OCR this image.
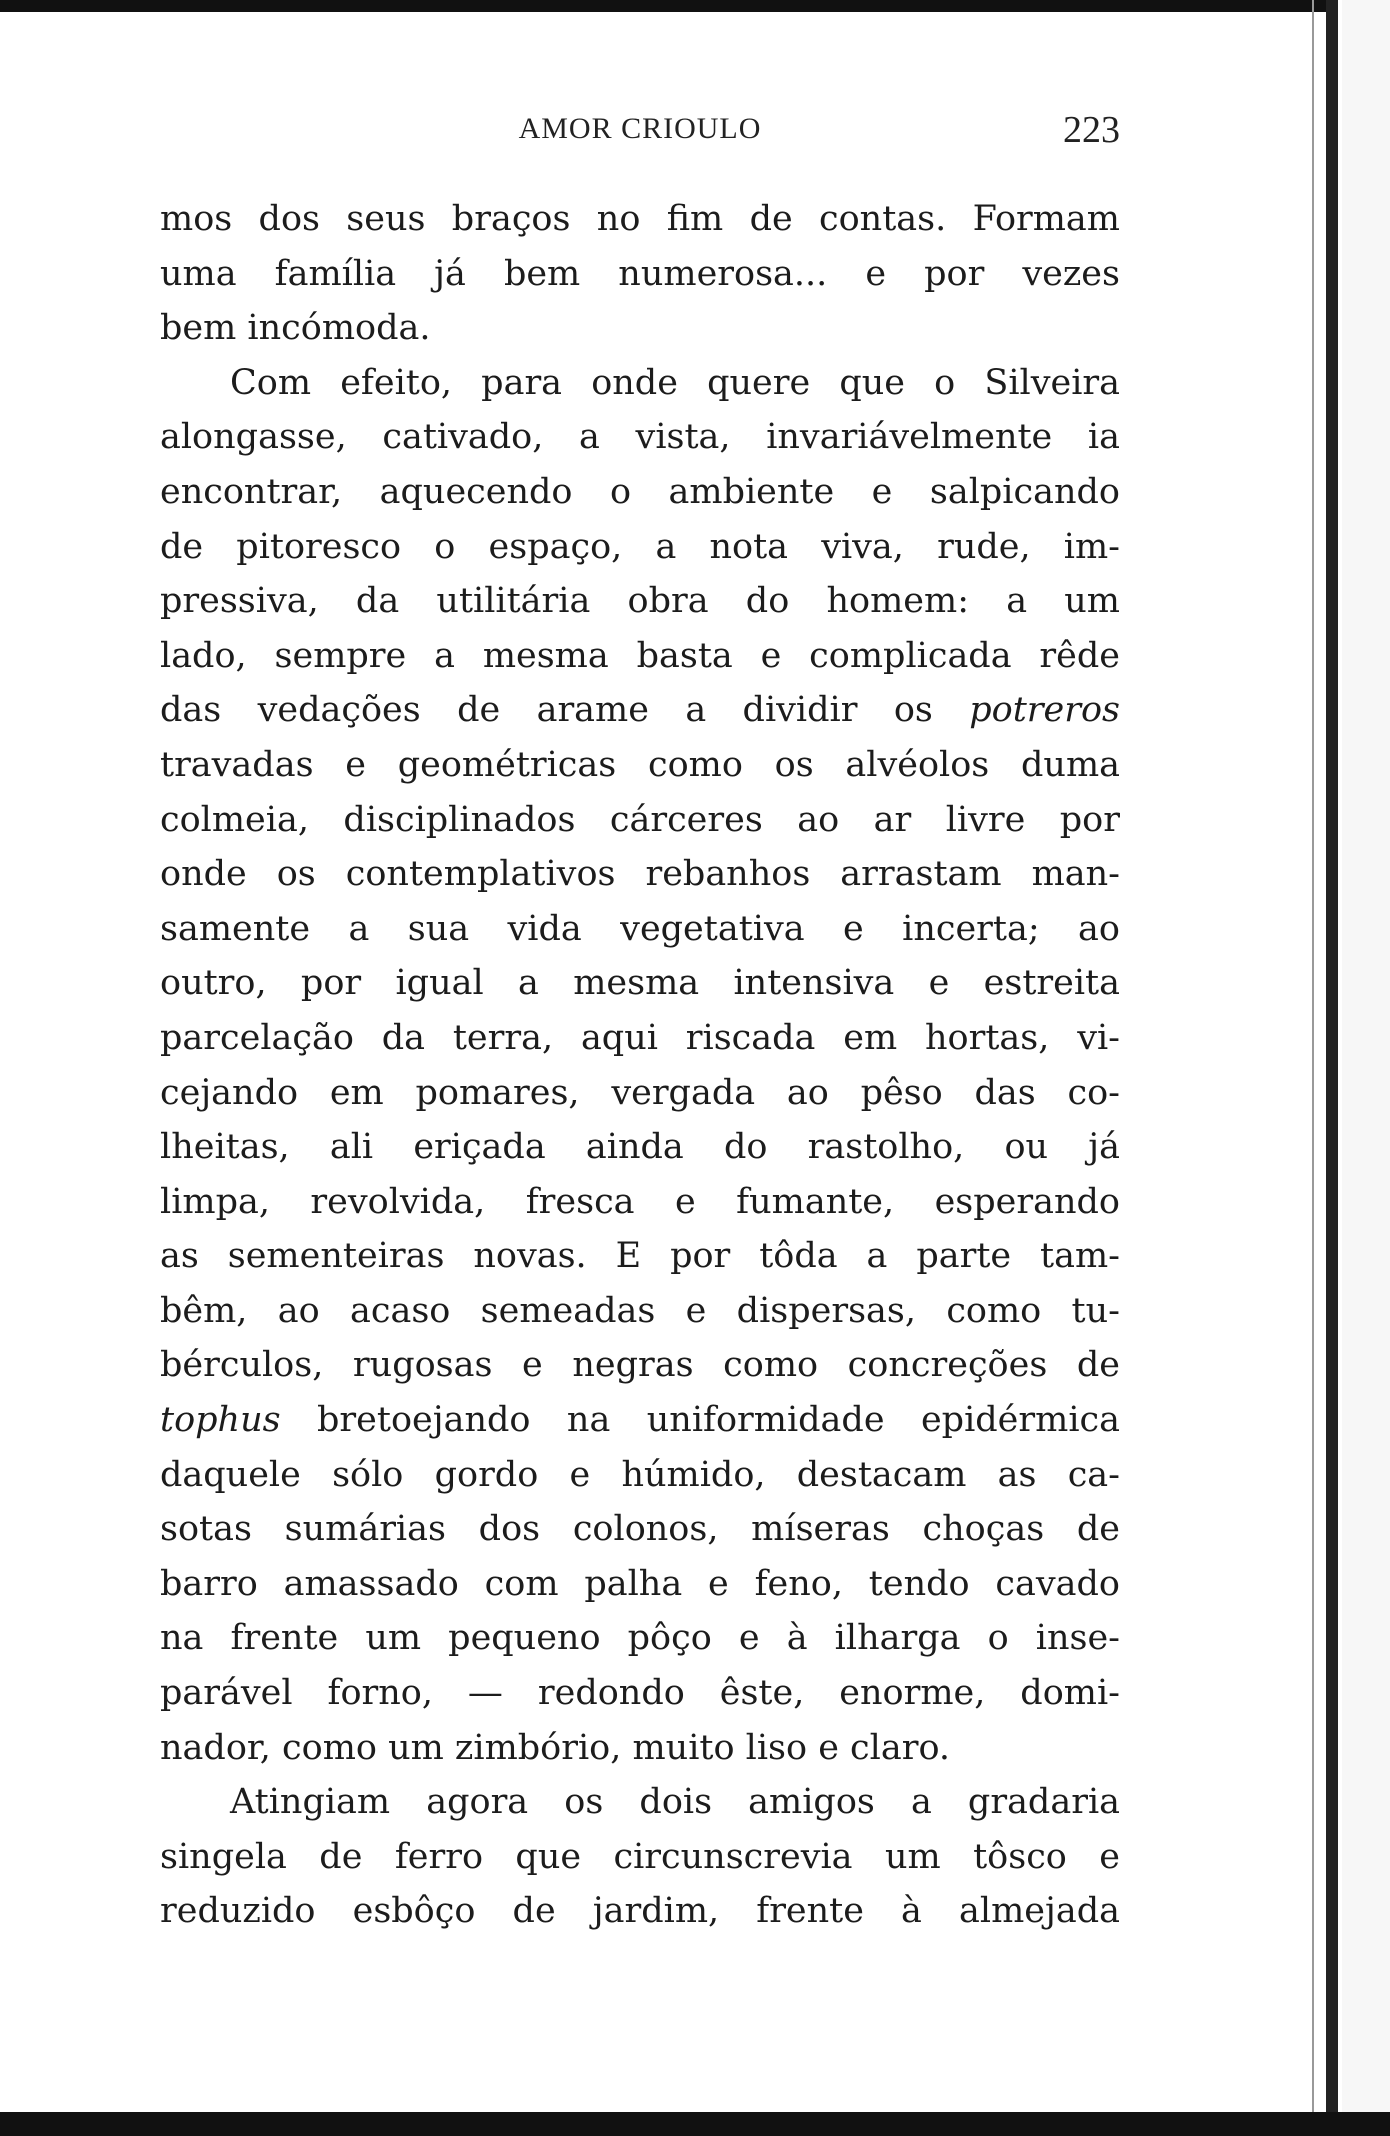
AMOR CRIOULO	223
mos dos seus braços no fim de contas. Formam
uma família já bem numerosa... e por vezes
bem incómoda.
Com efeito, para onde quere que o Silveira
alongasse, cativado, a vista, invariávelmente ia
encontrar, aquecendo o ambiente e salpicando
de pitoresco o espaço, a nota viva, rude, im-
pressiva, da utilitária obra do homem: a um
lado, sempre a mesma basta e complicada rêde
das vedações de arame a dividir os potreros
travadas e geométricas como os alvéolos duma
colmeia, disciplinados cárceres ao ar livre por
onde os contemplativos rebanhos arrastam man-
samente a sua vida vegetativa e incerta; ao
outro, por igual a mesma intensiva e estreita
parcelação da terra, aqui riscada em hortas, vi-
cejando em pomares, vergada ao pêso das co-
lheitas, ali eriçada ainda do rastolho, ou já
limpa, revolvida, fresca e fumante, esperando
as sementeiras novas. E por tôda a parte tam-
bêm, ao acaso semeadas e dispersas, como tu-
bérculos, rugosas e negras como concreções de
tophus bretoejando na uniformidade epidérmica
daquele sólo gordo e húmido, destacam as ca-
sotas sumárias dos colonos, míseras choças de
barro amassado com palha e feno, tendo cavado
na frente um pequeno pôço e à ilharga o inse-
parável forno, — redondo êste, enorme, domi-
nador, como um zimbório, muito liso e claro.
Atingiam agora os dois amigos a gradaria
singela de ferro que circunscrevia um tôsco e
reduzido esbôço de jardim, frente à almejada
